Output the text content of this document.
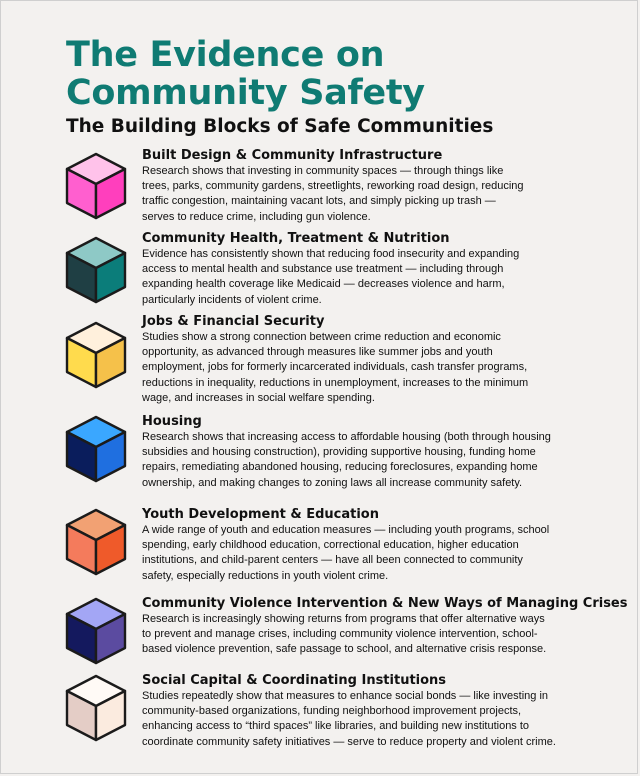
The Evidence on
Community Safety
The Building Blocks of Safe Communities

Built Design & Community Infrastructure

Research shows that investing in community spaces — through things like
trees, parks, community gardens, streetlights, reworking road design, reducing
traffic congestion, maintaining vacant lots, and simply picking up trash —
serves to reduce crime, including gun violence.

Community Health, Treatment & Nutrition

Evidence has consistently shown that reducing food insecurity and expanding
access to mental health and substance use treatment — including through
expanding health coverage like Medicaid — decreases violence and harm,
particularly incidents of violent crime.

Jobs & Financial Security

Studies show a strong connection between crime reduction and economic
opportunity, as advanced through measures like summer jobs and youth
employment, jobs for formerly incarcerated individuals, cash transfer programs,
reductions in inequality, reductions in unemployment, increases to the minimum
wage, and increases in social welfare spending.

Housing

Research shows that increasing access to affordable housing (both through housing
subsidies and housing construction), providing supportive housing, funding home
repairs, remediating abandoned housing, reducing foreclosures, expanding home
ownership, and making changes to zoning laws all increase community safety.

Youth Development & Education

A wide range of youth and education measures — including youth programs, school
spending, early childhood education, correctional education, higher education
institutions, and child-parent centers — have all been connected to community
safety, especially reductions in youth violent crime.

Community Violence Intervention & New Ways of Managing Crises

Research is increasingly showing returns from programs that offer alternative ways
to prevent and manage crises, including community violence intervention, school-
based violence prevention, safe passage to school, and alternative crisis response.

Social Capital & Coordinating Institutions

Studies repeatedly show that measures to enhance social bonds — like investing in
community-based organizations, funding neighborhood improvement projects,
enhancing access to “third spaces” like libraries, and building new institutions to
coordinate community safety initiatives — serve to reduce property and violent crime.
